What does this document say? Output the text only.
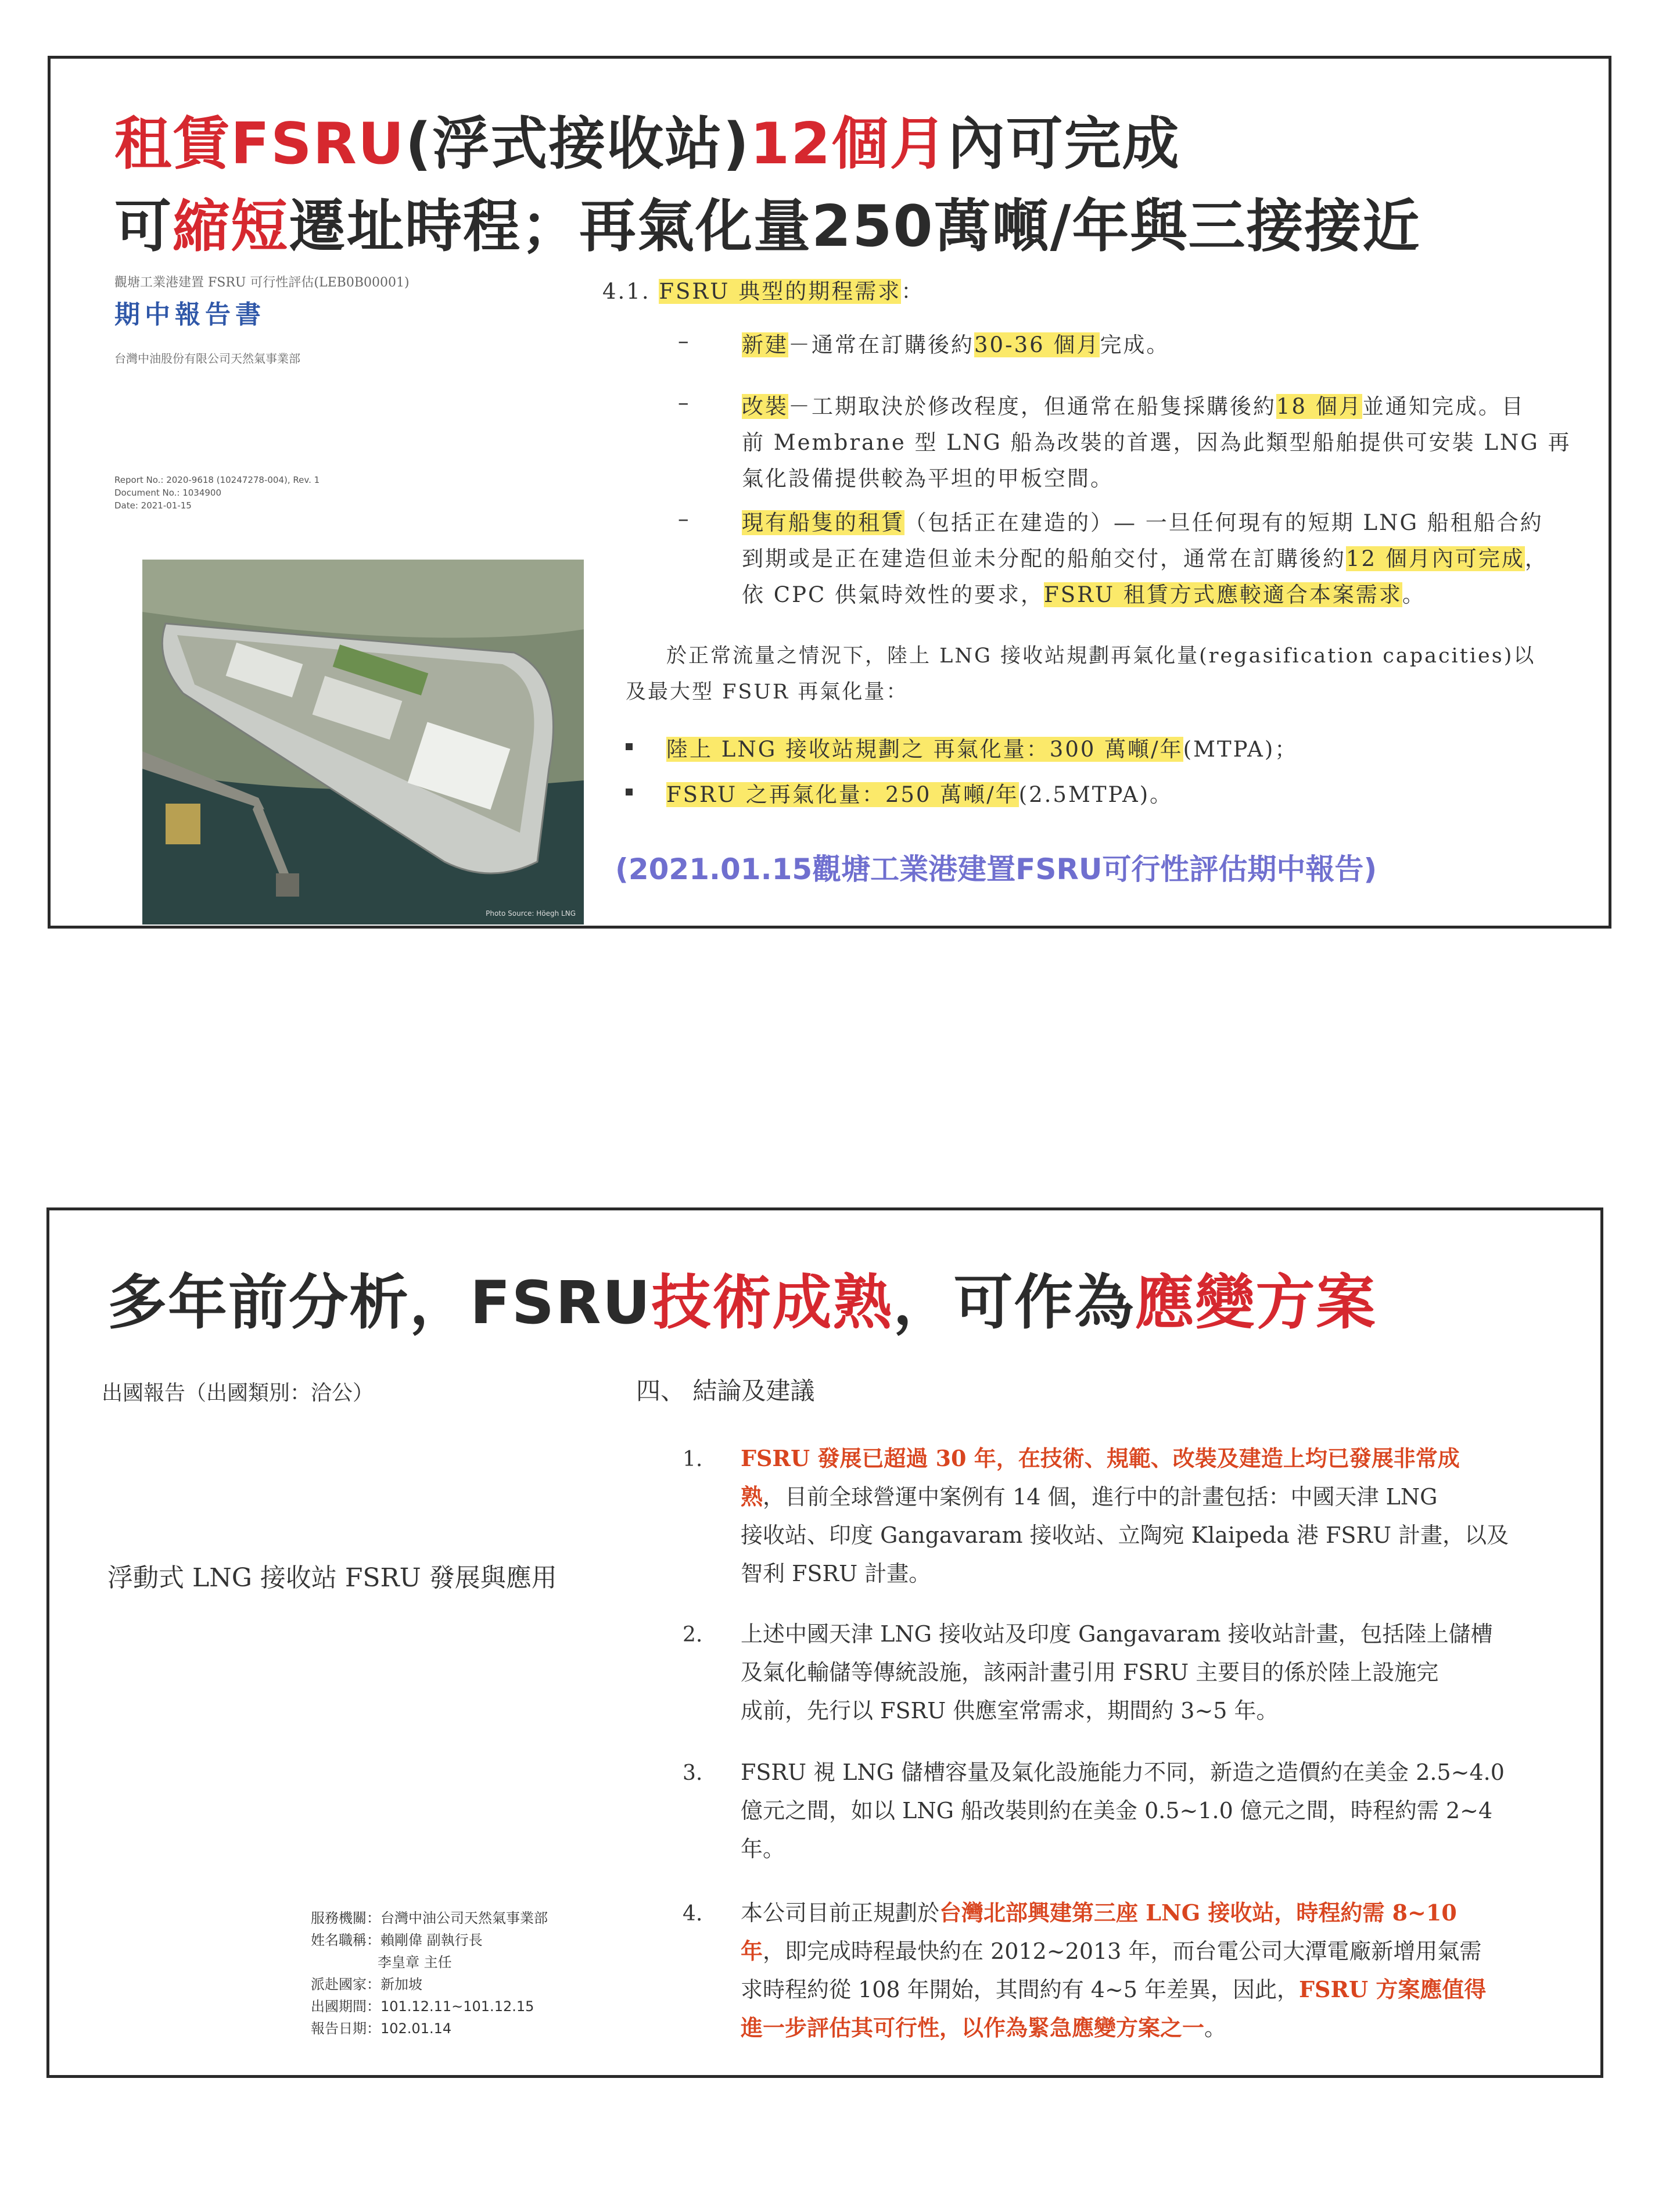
租賃FSRU(浮式接收站)12個月內可完成
可縮短遷址時程；再氣化量250萬噸/年與三接接近
觀塘工業港建置 FSRU 可行性評估(LEB0B00001)
期中報告書
台灣中油股份有限公司天然氣事業部
Report No.: 2020-9618 (10247278-004), Rev. 1
Document No.: 1034900
Date: 2021-01-15
Photo Source: Höegh LNG
4.1. FSRU 典型的期程需求：
– 新建－通常在訂購後約30-36 個月完成。
– 改裝－工期取決於修改程度，但通常在船隻採購後約18 個月並通知完成。目
前 Membrane 型 LNG 船為改裝的首選，因為此類型船舶提供可安裝 LNG 再
氣化設備提供較為平坦的甲板空間。
– 現有船隻的租賃（包括正在建造的）— 一旦任何現有的短期 LNG 船租船合約
到期或是正在建造但並未分配的船舶交付，通常在訂購後約12 個月內可完成，
依 CPC 供氣時效性的要求，FSRU 租賃方式應較適合本案需求。
於正常流量之情況下，陸上 LNG 接收站規劃再氣化量(regasification capacities)以
及最大型 FSUR 再氣化量：
陸上 LNG 接收站規劃之 再氣化量：300 萬噸/年(MTPA)；
FSRU 之再氣化量：250 萬噸/年(2.5MTPA)。
(2021.01.15觀塘工業港建置FSRU可行性評估期中報告)
多年前分析，FSRU技術成熟，可作為應變方案
出國報告（出國類別：洽公）	四、 結論及建議
浮動式 LNG 接收站 FSRU 發展與應用
1. FSRU 發展已超過 30 年，在技術、規範、改裝及建造上均已發展非常成
熟，目前全球營運中案例有 14 個，進行中的計畫包括：中國天津 LNG
接收站、印度 Gangavaram 接收站、立陶宛 Klaipeda 港 FSRU 計畫，以及
智利 FSRU 計畫。
2. 上述中國天津 LNG 接收站及印度 Gangavaram 接收站計畫，包括陸上儲槽
及氣化輸儲等傳統設施，該兩計畫引用 FSRU 主要目的係於陸上設施完
成前，先行以 FSRU 供應室常需求，期間約 3~5 年。
3. FSRU 視 LNG 儲槽容量及氣化設施能力不同，新造之造價約在美金 2.5~4.0
億元之間，如以 LNG 船改裝則約在美金 0.5~1.0 億元之間，時程約需 2~4
年。
4. 本公司目前正規劃於台灣北部興建第三座 LNG 接收站，時程約需 8~10
年，即完成時程最快約在 2012~2013 年，而台電公司大潭電廠新增用氣需
求時程約從 108 年開始，其間約有 4~5 年差異，因此，FSRU 方案應值得
進一步評估其可行性，以作為緊急應變方案之一。
服務機關：台灣中油公司天然氣事業部
姓名職稱：賴剛偉 副執行長
李皇章 主任
派赴國家：新加坡
出國期間：101.12.11~101.12.15
報告日期：102.01.14
